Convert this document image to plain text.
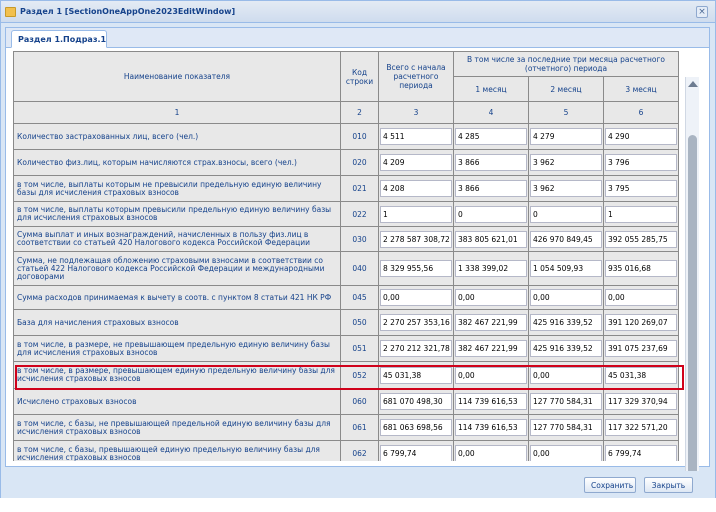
Раздел 1 [SectionOneAppOne2023EditWindow]	×
Раздел 1.Подраз.1
Наименование показателя	Код строки	Всего с начала расчетного периода	В том числе за последние три месяца расчетного (отчетного) периода		
			1 месяц	2 месяц	3 месяц
1	2	3	4	5	6
Количество застрахованных лиц, всего (чел.)	010	4 511	4 285	4 279	4 290

Количество физ.лиц, которым начисляются страх.взносы, всего (чел.)	020	4 209	3 866	3 962	3 796

в том числе, выплаты которым не превысили предельную единую величину базы для исчисления страховых взносов	021	4 208	3 866	3 962	3 795

в том числе, выплаты которым превысили предельную единую величину базы для исчисления страховых взносов	022	1	0	0	1

Сумма выплат и иных вознаграждений, начисленных в пользу физ.лиц в соответствии со статьей 420 Налогового кодекса Российской Федерации	030	2 278 587 308,72	383 805 621,01	426 970 849,45	392 055 285,75

Сумма, не подлежащая обложению страховыми взносами в соответствии со статьей 422 Налогового кодекса Российской Федерации и международными договорами	040	8 329 955,56	1 338 399,02	1 054 509,93	935 016,68

Сумма расходов принимаемая к вычету в соотв. с пунктом 8 статьи 421 НК РФ	045	0,00	0,00	0,00	0,00

База для начисления страховых взносов	050	2 270 257 353,16	382 467 221,99	425 916 339,52	391 120 269,07

в том числе, в размере, не превышающем предельную единую величину базы для исчисления страховых взносов	051	2 270 212 321,78	382 467 221,99	425 916 339,52	391 075 237,69

в том числе, в размере, превышающем единую предельную величину базы для исчисления страховых взносов	052	45 031,38	0,00	0,00	45 031,38

Исчислено страховых взносов	060	681 070 498,30	114 739 616,53	127 770 584,31	117 329 370,94

в том числе, с базы, не превышающей предельной единую величину базы для исчисления страховых взносов	061	681 063 698,56	114 739 616,53	127 770 584,31	117 322 571,20

в том числе, с базы, превышающей единую предельную величину базы для исчисления страховых взносов	062	6 799,74	0,00	0,00	6 799,74
Сохранить	Закрыть
